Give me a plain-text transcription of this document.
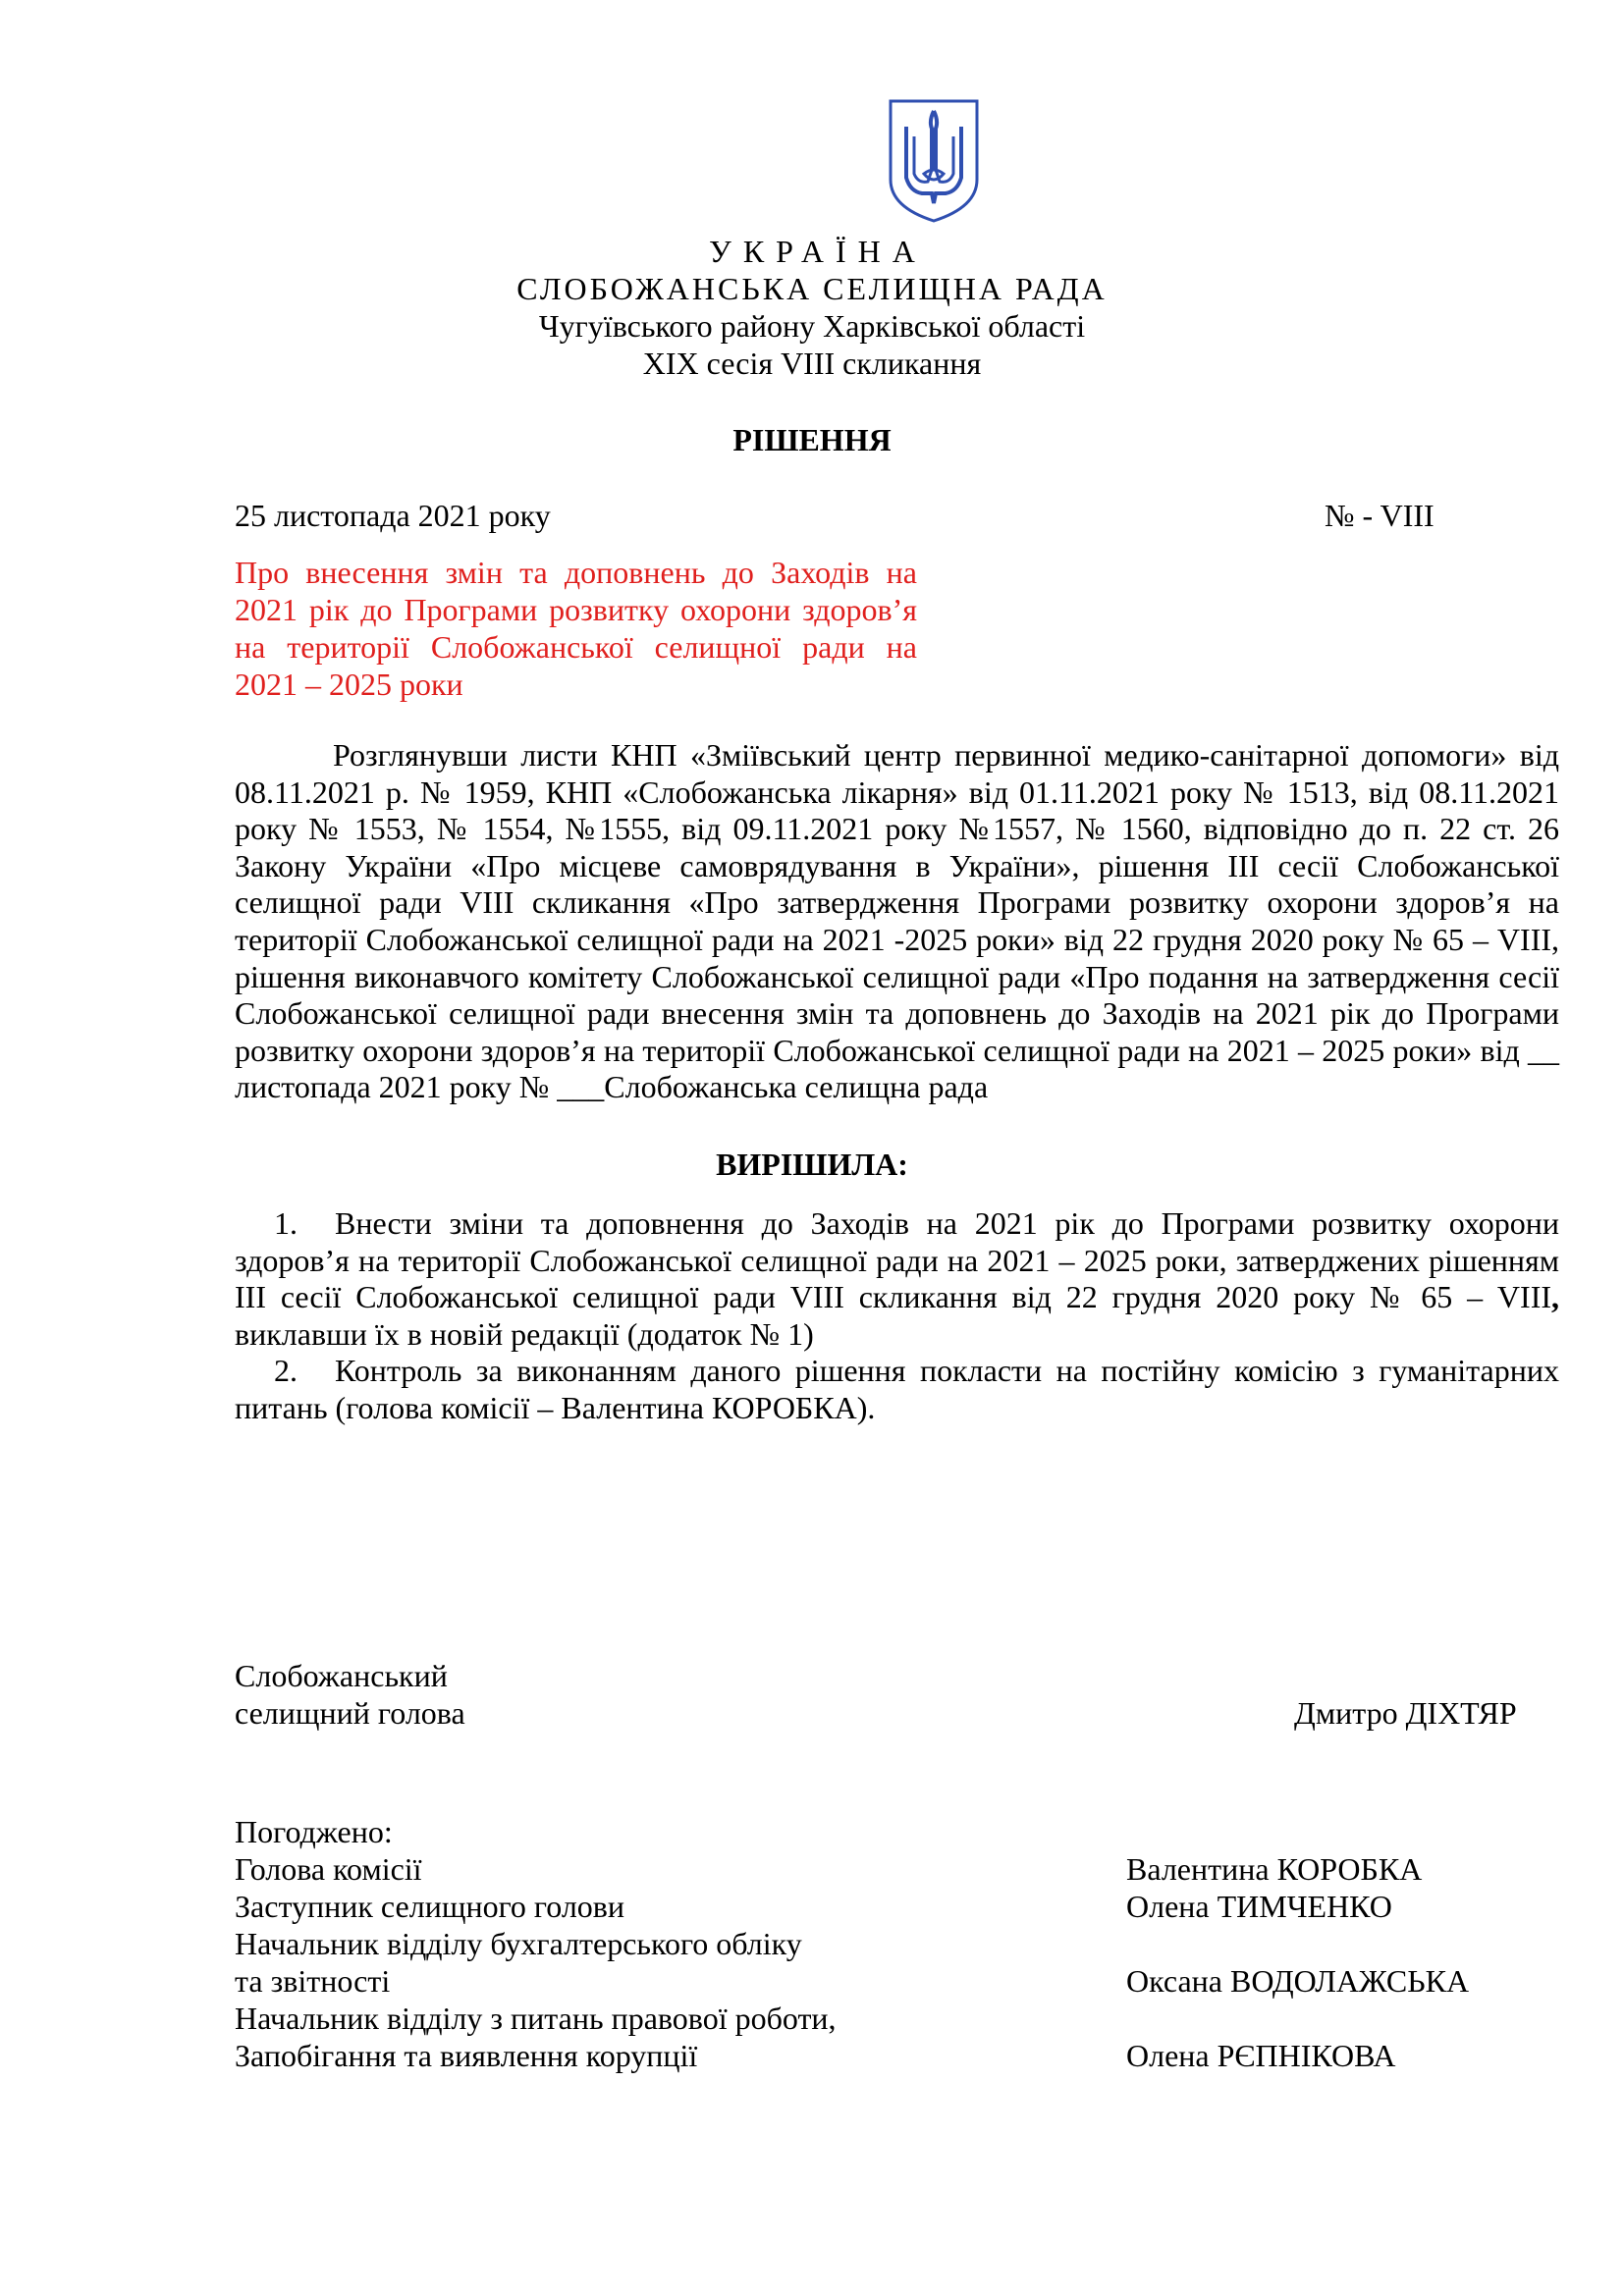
УКРАЇНА
СЛОБОЖАНСЬКА СЕЛИЩНА РАДА
Чугуївського району Харківської області
XIX сесія VIII скликання
РІШЕННЯ
25 листопада 2021 року	№ - VIII
Про внесення змін та доповнень до Заходів на 2021 рік до Програми розвитку охорони здоров’я на території Слобожанської селищної ради на 2021 – 2025 роки
Розглянувши листи КНП «Зміївський центр первинної медико-санітарної допомоги» від 08.11.2021 р. № 1959, КНП «Слобожанська лікарня» від 01.11.2021 року № 1513, від 08.11.2021 року № 1553, № 1554, №1555, від 09.11.2021 року №1557, № 1560, відповідно до п. 22 ст. 26 Закону України «Про місцеве самоврядування в України», рішення ІІІ сесії Слобожанської селищної ради VIII скликання «Про затвердження Програми розвитку охорони здоров’я на території Слобожанської селищної ради на 2021 -2025 роки» від 22 грудня 2020 року № 65 – VIII, рішення виконавчого комітету Слобожанської селищної ради «Про подання на затвердження сесії Слобожанської селищної ради внесення змін та доповнень до Заходів на 2021 рік до Програми розвитку охорони здоров’я на території Слобожанської селищної ради на 2021 – 2025 роки» від __ листопада 2021 року № ___Слобожанська селищна рада
ВИРІШИЛА:
1. Внести зміни та доповнення до Заходів на 2021 рік до Програми розвитку охорони здоров’я на території Слобожанської селищної ради на 2021 – 2025 роки, затверджених рішенням ІІІ сесії Слобожанської селищної ради VIII скликання від 22 грудня 2020 року № 65 – VIII, виклавши їх в новій редакції (додаток № 1)
2. Контроль за виконанням даного рішення покласти на постійну комісію з гуманітарних питань (голова комісії – Валентина КОРОБКА).
Слобожанський
селищний голова	Дмитро ДІХТЯР
Погоджено:
Голова комісії	Валентина КОРОБКА
Заступник селищного голови	Олена ТИМЧЕНКО
Начальник відділу бухгалтерського обліку
та звітності	Оксана ВОДОЛАЖСЬКА
Начальник відділу з питань правової роботи,
Запобігання та виявлення корупції	Олена РЄПНІКОВА
